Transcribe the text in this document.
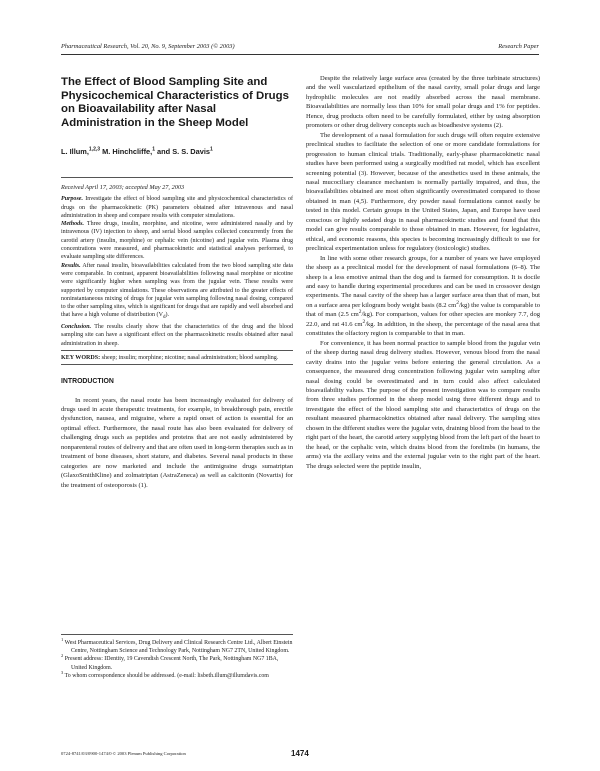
Pharmaceutical Research, Vol. 20, No. 9, September 2003 (© 2003)	Research Paper
The Effect of Blood Sampling Site and Physicochemical Characteristics of Drugs on Bioavailability after Nasal Administration in the Sheep Model
L. Illum,$^{1,2,3}$ M. Hinchcliffe,$^1$ and S. S. Davis$^1$
Received April 17, 2003; accepted May 27, 2003

Purpose. Investigate the effect of blood sampling site and physicochemical characteristics of drugs on the pharmacokinetic (PK) parameters obtained after intravenous and nasal administration in sheep and compare results with computer simulations.

Methods. Three drugs, insulin, morphine, and nicotine, were administered nasally and by intravenous (IV) injection to sheep, and serial blood samples collected concurrently from the carotid artery (insulin, morphine) or cephalic vein (nicotine) and jugular vein. Plasma drug concentrations were measured, and pharmacokinetic and statistical analyses performed, to evaluate sampling site differences.

Results. After nasal insulin, bioavailabilities calculated from the two blood sampling site data were comparable. In contrast, apparent bioavailabilities following nasal morphine or nicotine were significantly higher when sampling was from the jugular vein. These results were supported by computer simulations. These observations are attributed to the greater effects of noninstantaneous mixing of drugs for jugular vein sampling following nasal dosing, compared to the other sampling sites, which is significant for drugs that are rapidly and well absorbed and that have a high volume of distribution $(V_d)$.

Conclusion. The results clearly show that the characteristics of the drug and the blood sampling site can have a significant effect on the pharmacokinetic results obtained after nasal administration in sheep.

KEY WORDS: sheep; insulin; morphine; nicotine; nasal administration; blood sampling.
INTRODUCTION

In recent years, the nasal route has been increasingly evaluated for delivery of drugs used in acute therapeutic treatments, for example, in breakthrough pain, erectile dysfunction, nausea, and migraine, where a rapid onset of action is essential for an optimal effect. Furthermore, the nasal route has also been evaluated for delivery of challenging drugs such as peptides and proteins that are not easily administered by nonparenteral routes of delivery and that are often used in long-term therapies such as in treatment of bone diseases, short stature, and diabetes. Several nasal products in these categories are now marketed and include the antimigraine drugs sumatriptan (GlaxoSmithKline) and zolmatriptan (AstraZeneca) as well as calcitonin (Novartis) for the treatment of osteoporosis (1).

$^1$ West Pharmaceutical Services, Drug Delivery and Clinical Research Centre Ltd., Albert Einstein Centre, Nottingham Science and Technology Park, Nottingham NG7 2TN, United Kingdom.

$^2$ Present address: IDentity, 19 Cavendish Crescent North, The Park, Nottingham NG7 1BA, United Kingdom.

$^3$ To whom correspondence should be addressed. (e-mail: lisbeth.illum@illumdavis.com

Despite the relatively large surface area (created by the three turbinate structures) and the well vascularized epithelium of the nasal cavity, small polar drugs and large hydrophilic molecules are not readily absorbed across the nasal membrane. Bioavailabilities are normally less than 10% for small polar drugs and 1% for peptides. Hence, drug products often need to be carefully formulated, either by using absorption promoters or other drug delivery concepts such as bioadhesive systems (2).

The development of a nasal formulation for such drugs will often require extensive preclinical studies to facilitate the selection of one or more candidate formulations for progression to human clinical trials. Traditionally, early-phase pharmacokinetic nasal studies have been performed using a surgically modified rat model, which has excellent screening potential (3). However, because of the anesthetics used in these animals, the nasal mucociliary clearance mechanism is normally partially impaired, and thus, the bioavailabilities obtained are most often significantly overestimated compared to those obtained in man (4,5). Furthermore, dry powder nasal formulations cannot easily be tested in this model. Certain groups in the United States, Japan, and Europe have used conscious or lightly sedated dogs in nasal pharmacokinetic studies and found that this model can give results comparable to those obtained in man. However, for legislative, ethical, and economic reasons, this species is becoming increasingly difficult to use for preclinical experimentation unless for regulatory (toxicologic) studies.

In line with some other research groups, for a number of years we have employed the sheep as a preclinical model for the development of nasal formulations (6–8). The sheep is a less emotive animal than the dog and is farmed for consumption. It is docile and easy to handle during experimental procedures and can be used in crossover design experiments. The nasal cavity of the sheep has a larger surface area than that of man, but on a surface area per kilogram body weight basis (8.2 $cm^2/kg$) the value is comparable to that of man (2.5 $cm^2/kg$). For comparison, values for other species are monkey 7.7, dog 22.0, and rat 41.6 $cm^2/kg$. In addition, in the sheep, the percentage of the nasal area that constitutes the olfactory region is comparable to that in man.

For convenience, it has been normal practice to sample blood from the jugular vein of the sheep during nasal drug delivery studies. However, venous blood from the nasal cavity drains into the jugular veins before entering the general circulation. As a consequence, the measured drug concentration following jugular vein sampling after nasal dosing could be overestimated and in turn could also affect calculated bioavailability values. The purpose of the present investigation was to compare results from three studies performed in the sheep model using three different drugs and to investigate the effect of the blood sampling site and characteristics of drugs on the resultant measured pharmacokinetics obtained after nasal delivery. The sampling sites chosen in the different studies were the jugular vein, draining blood from the head to the right part of the heart, the carotid artery supplying blood from the left part of the heart to the head, or the cephalic vein, which drains blood from the forelimbs (in humans, the arms) via the axillary veins and the external jugular vein to the right part of the heart. The drugs selected were the peptide insulin,

0724-8741/03/0900-1474/0 © 2003 Plenum Publishing Corporation	1474
